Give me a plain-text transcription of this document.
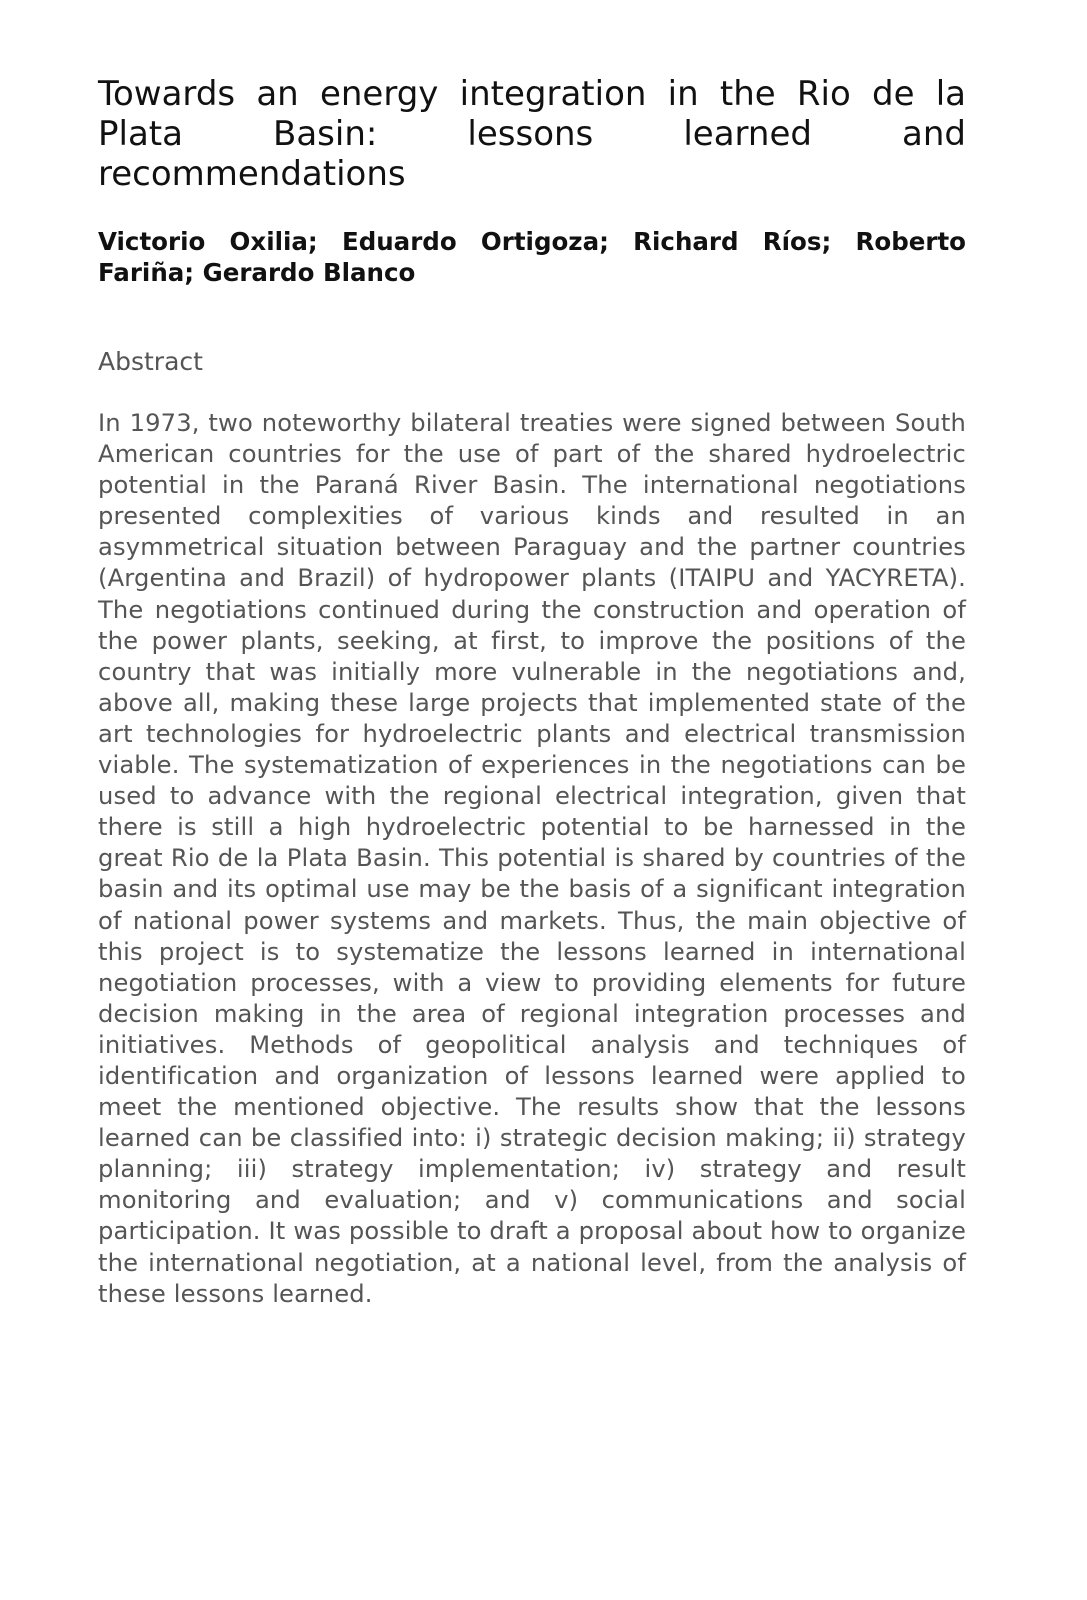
Towards an energy integration in the Rio de la Plata Basin: lessons learned and recommendations

Victorio Oxilia; Eduardo Ortigoza; Richard Ríos; Roberto Fariña; Gerardo Blanco

Abstract

In 1973, two noteworthy bilateral treaties were signed between South American countries for the use of part of the shared hydroelectric potential in the Paraná River Basin. The international negotiations presented complexities of various kinds and resulted in an asymmetrical situation between Paraguay and the partner countries (Argentina and Brazil) of hydropower plants (ITAIPU and YACYRETA). The negotiations continued during the construction and operation of the power plants, seeking, at first, to improve the positions of the country that was initially more vulnerable in the negotiations and, above all, making these large projects that implemented state of the art technologies for hydroelectric plants and electrical transmission viable. The systematization of experiences in the negotiations can be used to advance with the regional electrical integration, given that there is still a high hydroelectric potential to be harnessed in the great Rio de la Plata Basin. This potential is shared by countries of the basin and its optimal use may be the basis of a significant integration of national power systems and markets. Thus, the main objective of this project is to systematize the lessons learned in international negotiation processes, with a view to providing elements for future decision making in the area of regional integration processes and initiatives. Methods of geopolitical analysis and techniques of identification and organization of lessons learned were applied to meet the mentioned objective. The results show that the lessons learned can be classified into: i) strategic decision making; ii) strategy planning; iii) strategy implementation; iv) strategy and result monitoring and evaluation; and v) communications and social participation. It was possible to draft a proposal about how to organize the international negotiation, at a national level, from the analysis of these lessons learned.
